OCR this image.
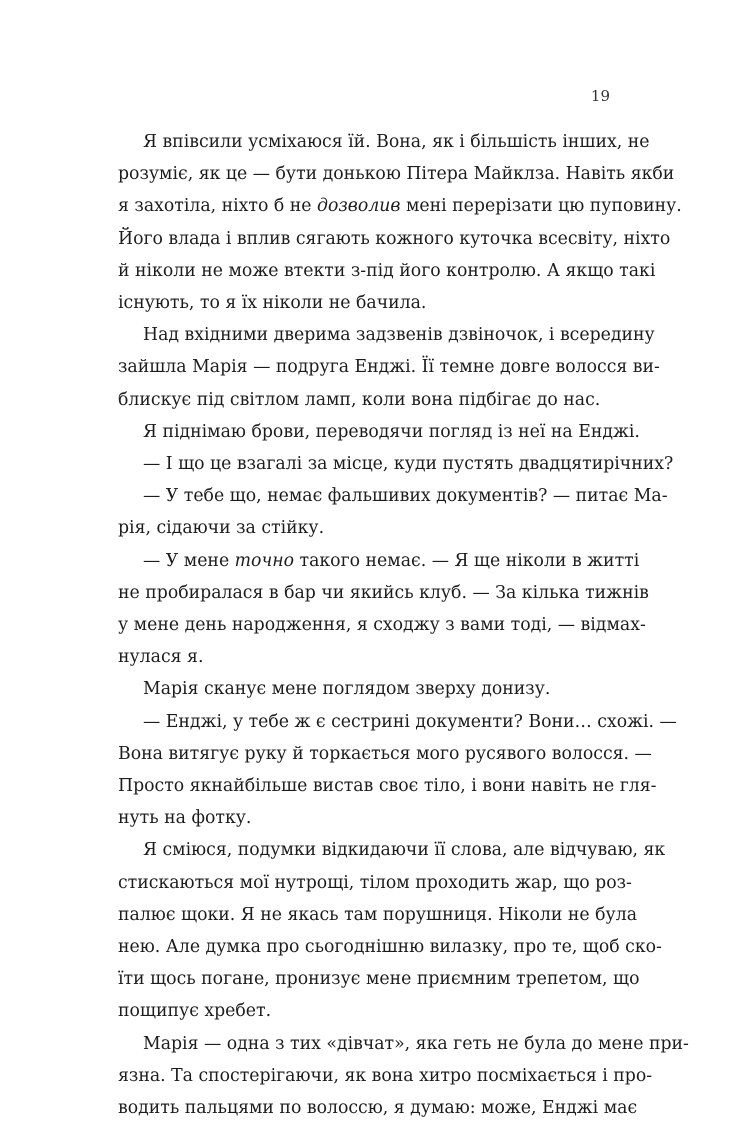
19
Я впівсили усміхаюся їй. Вона, як і більшість інших, не
розуміє, як це — бути донькою Пітера Майклза. Навіть якби
я захотіла, ніхто б не дозволив мені перерізати цю пуповину.
Його влада і вплив сягають кожного куточка всесвіту, ніхто
й ніколи не може втекти з-під його контролю. А якщо такі
існують, то я їх ніколи не бачила.
Над вхідними дверима задзвенів дзвіночок, і всередину
зайшла Марія — подруга Енджі. Її темне довге волосся ви-
блискує під світлом ламп, коли вона підбігає до нас.
Я піднімаю брови, переводячи погляд із неї на Енджі.
— І що це взагалі за місце, куди пустять двадцятирічних?
— У тебе що, немає фальшивих документів? — питає Ма-
рія, сідаючи за стійку.
— У мене точно такого немає. — Я ще ніколи в житті
не пробиралася в бар чи якийсь клуб. — За кілька тижнів
у мене день народження, я сходжу з вами тоді, — відмах-
нулася я.
Марія сканує мене поглядом зверху донизу.
— Енджі, у тебе ж є сестрині документи? Вони… схожі. —
Вона витягує руку й торкається мого русявого волосся. —
Просто якнайбільше вистав своє тіло, і вони навіть не гля-
нуть на фотку.
Я сміюся, подумки відкидаючи її слова, але відчуваю, як
стискаються мої нутрощі, тілом проходить жар, що роз-
палює щоки. Я не якась там порушниця. Ніколи не була
нею. Але думка про сьогоднішню вилазку, про те, щоб ско-
їти щось погане, пронизує мене приємним трепетом, що
пощипує хребет.
Марія — одна з тих «дівчат», яка геть не була до мене при-
язна. Та спостерігаючи, як вона хитро посміхається і про-
водить пальцями по волоссю, я думаю: може, Енджі має
